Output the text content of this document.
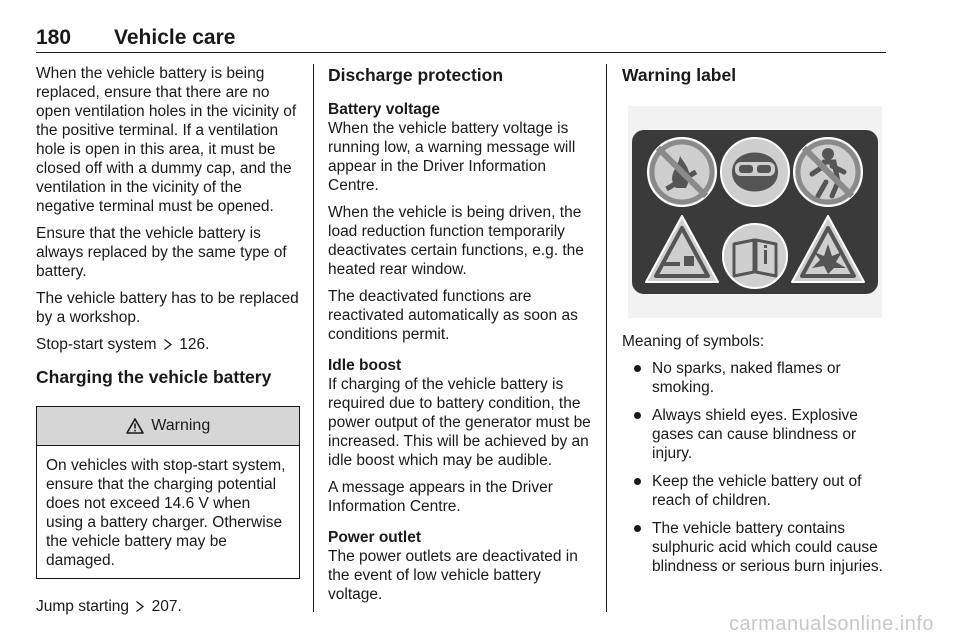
180 Vehicle care

When the vehicle battery is being replaced, ensure that there are no open ventilation holes in the vicinity of the positive terminal. If a ventilation hole is open in this area, it must be closed off with a dummy cap, and the ventilation in the vicinity of the negative terminal must be opened.

Ensure that the vehicle battery is always replaced by the same type of battery.

The vehicle battery has to be replaced by a workshop.

Stop-start system 126.

Charging the vehicle battery
Warning
On vehicles with stop-start system, ensure that the charging potential does not exceed 14.6 V when using a battery charger. Otherwise the vehicle battery may be damaged.

Jump starting 207.

Discharge protection
Battery voltage

When the vehicle battery voltage is running low, a warning message will appear in the Driver Information Centre.

When the vehicle is being driven, the load reduction function temporarily deactivates certain functions, e.g. the heated rear window.

The deactivated functions are reactivated automatically as soon as conditions permit.

Idle boost

If charging of the vehicle battery is required due to battery condition, the power output of the generator must be increased. This will be achieved by an idle boost which may be audible.

A message appears in the Driver Information Centre.

Power outlet

The power outlets are deactivated in the event of low vehicle battery voltage.

Warning label

Meaning of symbols:

No sparks, naked flames or smoking.
Always shield eyes. Explosive gases can cause blindness or injury.
Keep the vehicle battery out of reach of children.
The vehicle battery contains sulphuric acid which could cause blindness or serious burn injuries.
carmanualsonline.info
